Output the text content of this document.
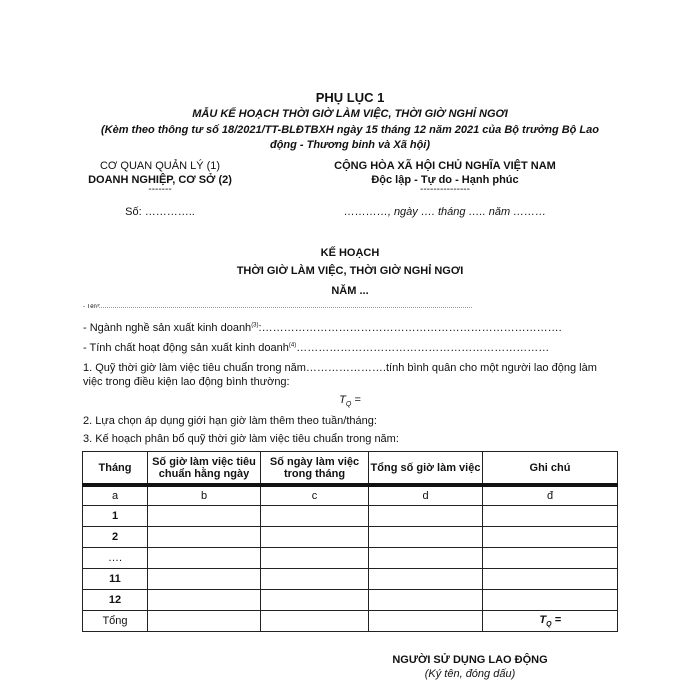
PHỤ LỤC 1
MẪU KẾ HOẠCH THỜI GIỜ LÀM VIỆC, THỜI GIỜ NGHỈ NGƠI
(Kèm theo thông tư số 18/2021/TT-BLĐTBXH ngày 15 tháng 12 năm 2021 của Bộ trưởng Bộ Lao
động - Thương binh và Xã hội)
CƠ QUAN QUẢN LÝ (1)
DOANH NGHIỆP, CƠ SỞ (2)
-------
Số: …………..
CỘNG HÒA XÃ HỘI CHỦ NGHĨA VIỆT NAM
Độc lập - Tự do - Hạnh phúc
---------------
…………, ngày …. tháng ….. năm ………
KẾ HOẠCH
THỜI GIỜ LÀM VIỆC, THỜI GIỜ NGHỈ NGƠI
NĂM ...
- Tên³:……………………………………………………………………………………………………………………………………………………………………
- Ngành nghề sản xuất kinh doanh$^{(3)}$:……………………………………………………………………….
- Tính chất hoạt động sản xuất kinh doanh$^{(4)}$……………………………………………………………
1. Quỹ thời giờ làm việc tiêu chuẩn trong năm………………….tính bình quân cho một người lao động làm
việc trong điều kiện lao động bình thường:
$T_Q$ =
2. Lựa chọn áp dụng giới hạn giờ làm thêm theo tuần/tháng:
3. Kế hoạch phân bổ quỹ thời giờ làm việc tiêu chuẩn trong năm:
Tháng	Số giờ làm việc tiêu chuẩn hằng ngày	Số ngày làm việc trong tháng	Tổng số giờ làm việc	Ghi chú
a	b	c	d	đ
1				
2				
….				
11				
12				
Tổng				$T_Q$ =
NGƯỜI SỬ DỤNG LAO ĐỘNG
(Ký tên, đóng dấu)
